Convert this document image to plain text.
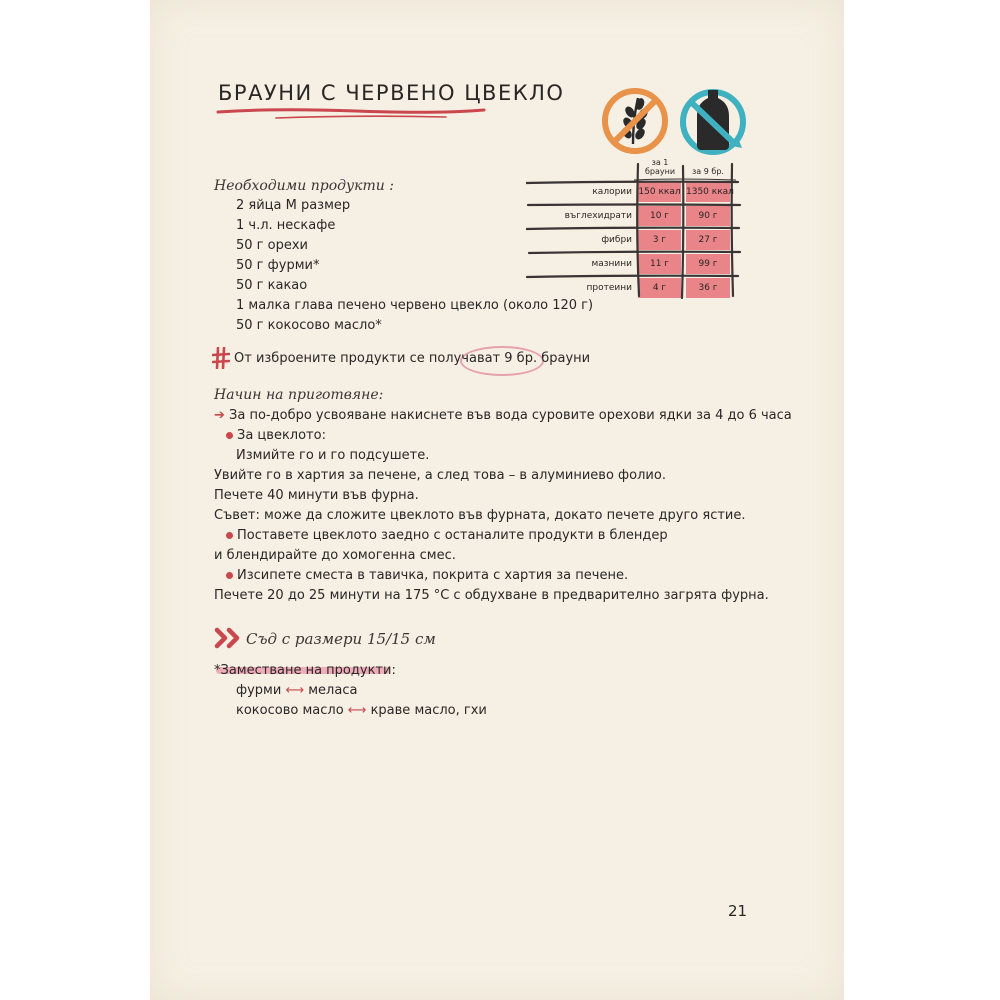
БРАУНИ С ЧЕРВЕНО ЦВЕКЛО
Необходими продукти :
2 яйца М размер
1 ч.л. нескафе
50 г орехи
50 г фурми*
50 г какао
1 малка глава печено червено цвекло (около 120 г)
50 г кокосово масло*
за 1
брауни	за 9 бр.
калории 150 ккал 1350 ккал
въглехидрати	10 г	90 г
фибри	3 г	27 г
мазнини	11 г	99 г
протеини	4 г	36 г
От изброените продукти се получават 9 бр. брауни
Начин на приготвяне:
➔ За по-добро усвояване накиснете във вода суровите орехови ядки за 4 до 6 часа
За цвеклото:
Измийте го и го подсушете.
Увийте го в хартия за печене, а след това – в алуминиево фолио.
Печете 40 минути във фурна.
Съвет: може да сложите цвеклото във фурната, докато печете друго ястие.
Поставете цвеклото заедно с останалите продукти в блендер
и блендирайте до хомогенна смес.
Изсипете сместа в тавичка, покрита с хартия за печене.
Печете 20 до 25 минути на 175 °C с обдухване в предварително загрята фурна.
Съд с размери 15/15 см
*Заместване на продукти:
фурми ⟷ меласа
кокосово масло ⟷ краве масло, гхи
21
